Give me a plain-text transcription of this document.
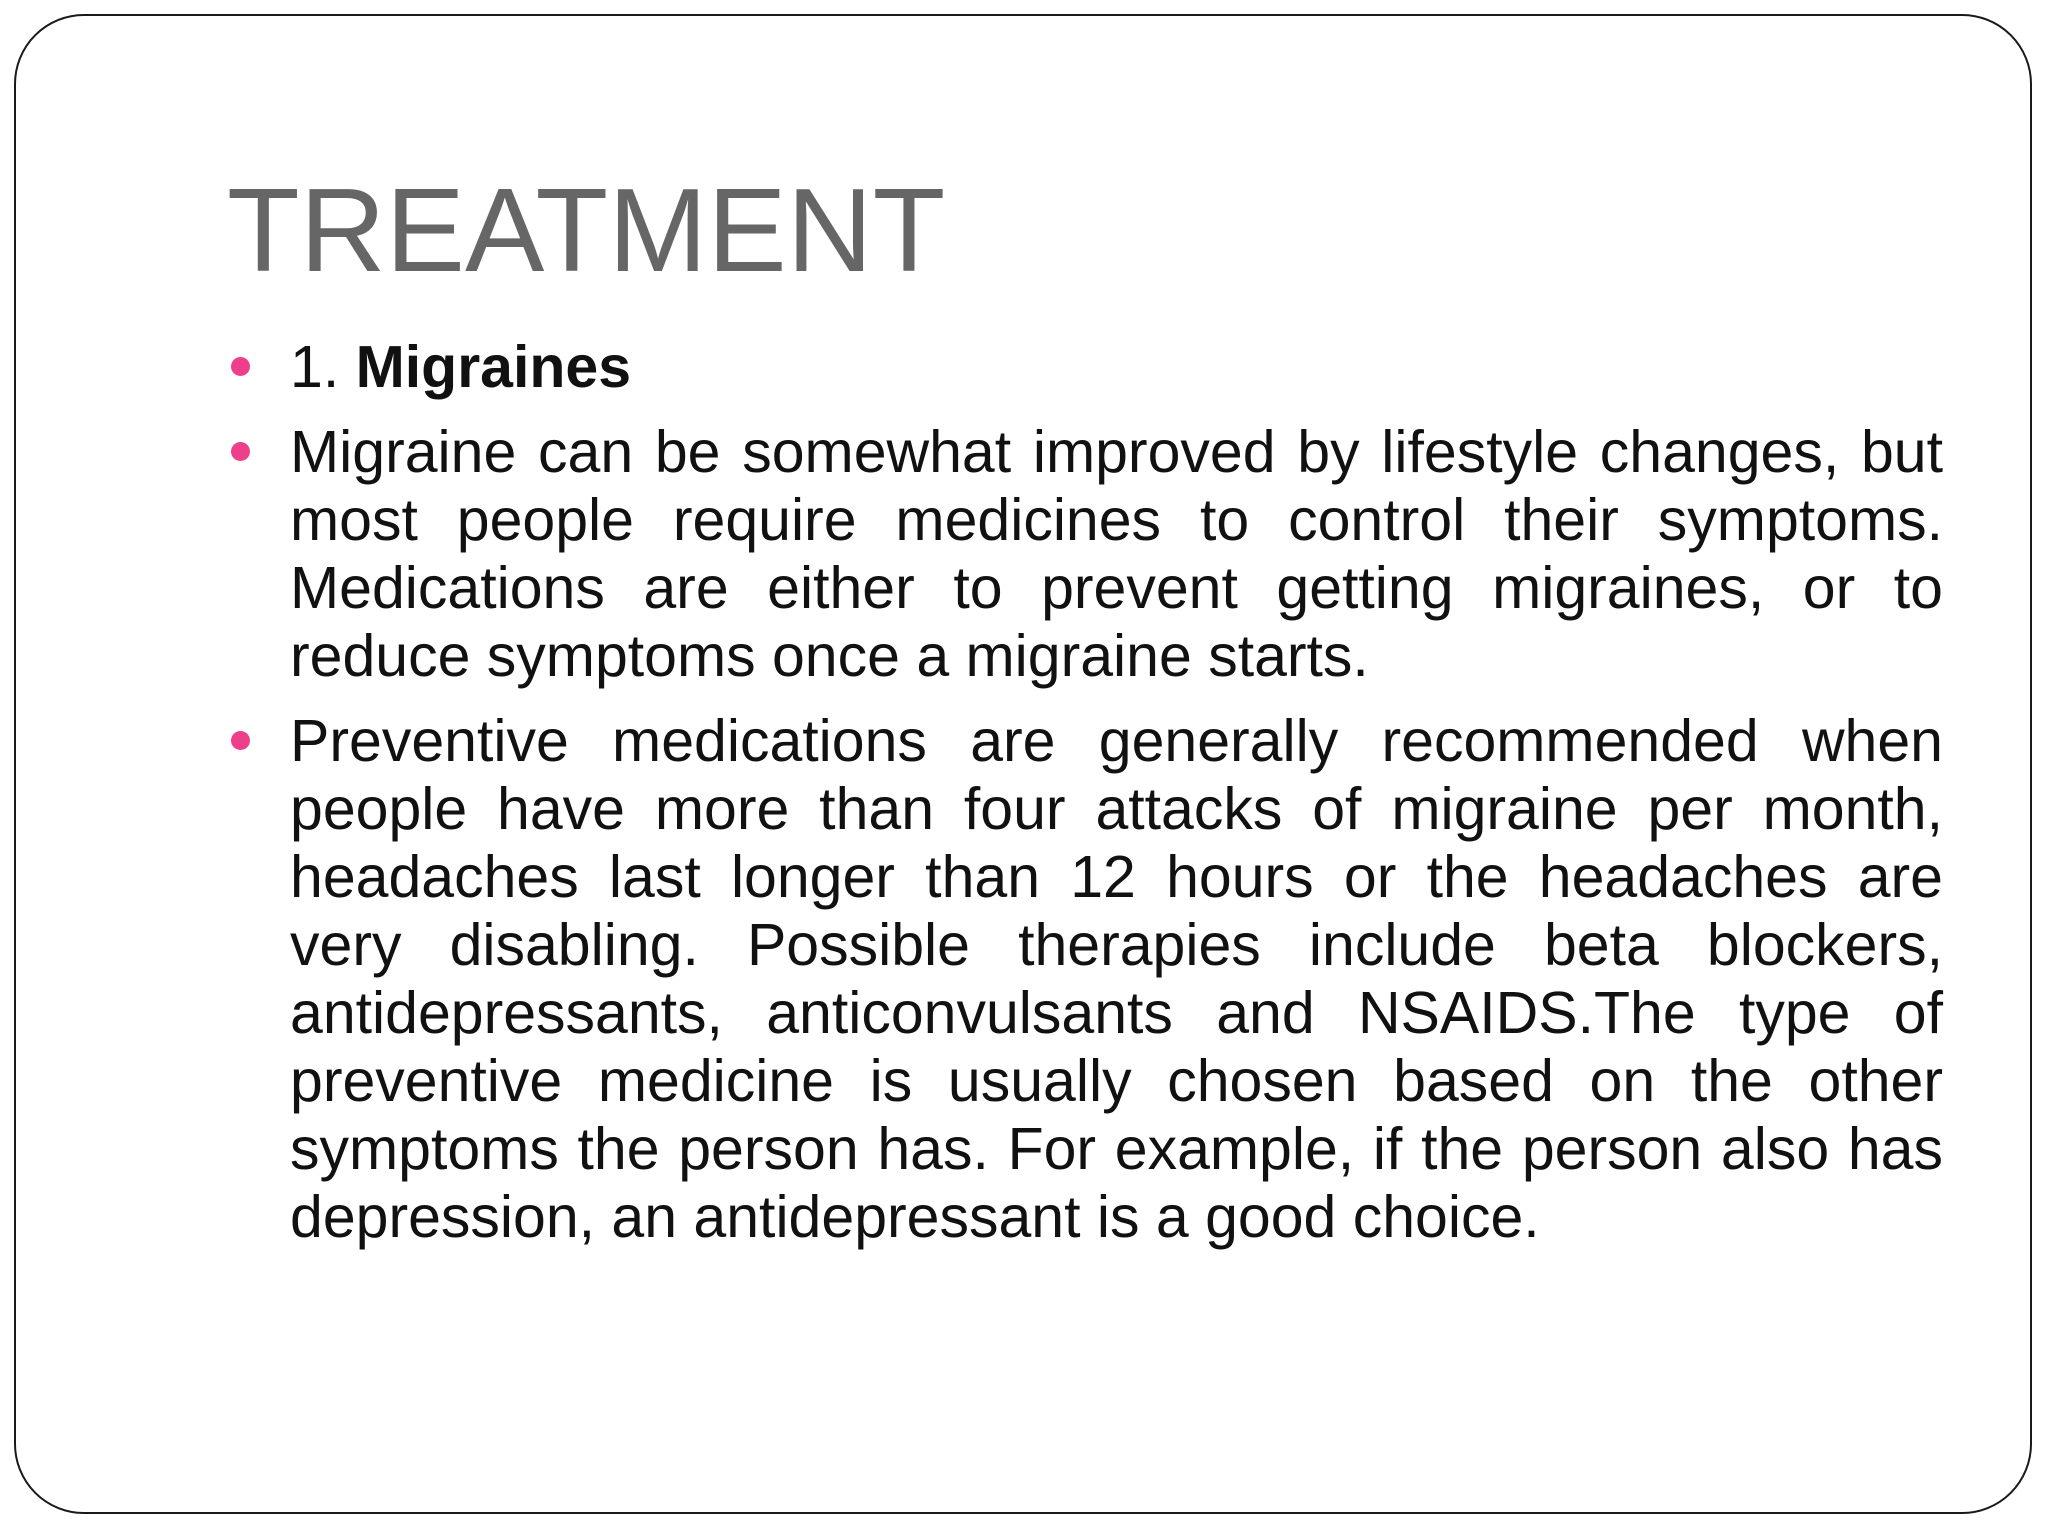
TREATMENT
1. Migraines
Migraine can be somewhat improved by lifestyle changes, but most people require medicines to control their symptoms. Medications are either to prevent getting migraines, or to reduce symptoms once a migraine starts.
Preventive medications are generally recommended when people have more than four attacks of migraine per month, headaches last longer than 12 hours or the headaches are very disabling. Possible therapies include beta blockers, antidepressants, anticonvulsants and NSAIDS.The type of preventive medicine is usually chosen based on the other symptoms the person has. For example, if the person also has depression, an antidepressant is a good choice.
